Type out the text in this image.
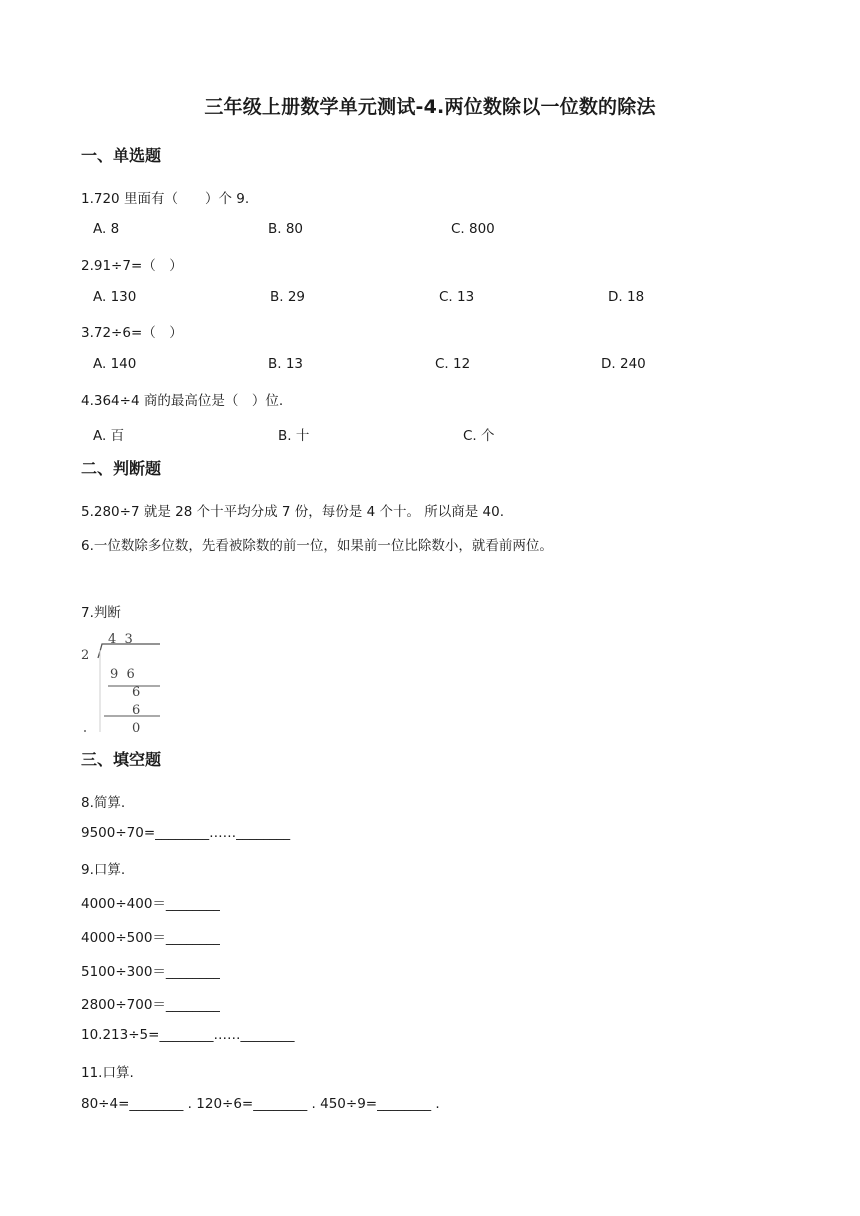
三年级上册数学单元测试-4.两位数除以一位数的除法
一、单选题
1.720 里面有（　　）个 9.
A. 8	B. 80	C. 800
2.91÷7=（　）
A. 130	B. 29	C. 13	D. 18
3.72÷6=（　）
A. 140	B. 13	C. 12	D. 240
4.364÷4 商的最高位是（　）位.
A. 百	B. 十	C. 个
二、判断题
5.280÷7 就是 28 个十平均分成 7 份，每份是 4 个十。 所以商是 40.
6.一位数除多位数，先看被除数的前一位，如果前一位比除数小，就看前两位。
7.判断
4  3
2
9  6
6
6
0
三、填空题
8.简算.
9500÷70=________……________
9.口算.
4000÷400＝________
4000÷500＝________
5100÷300＝________
2800÷700＝________
10.213÷5=________……________
11.口算.
80÷4=________ . 120÷6=________ . 450÷9=________ .
